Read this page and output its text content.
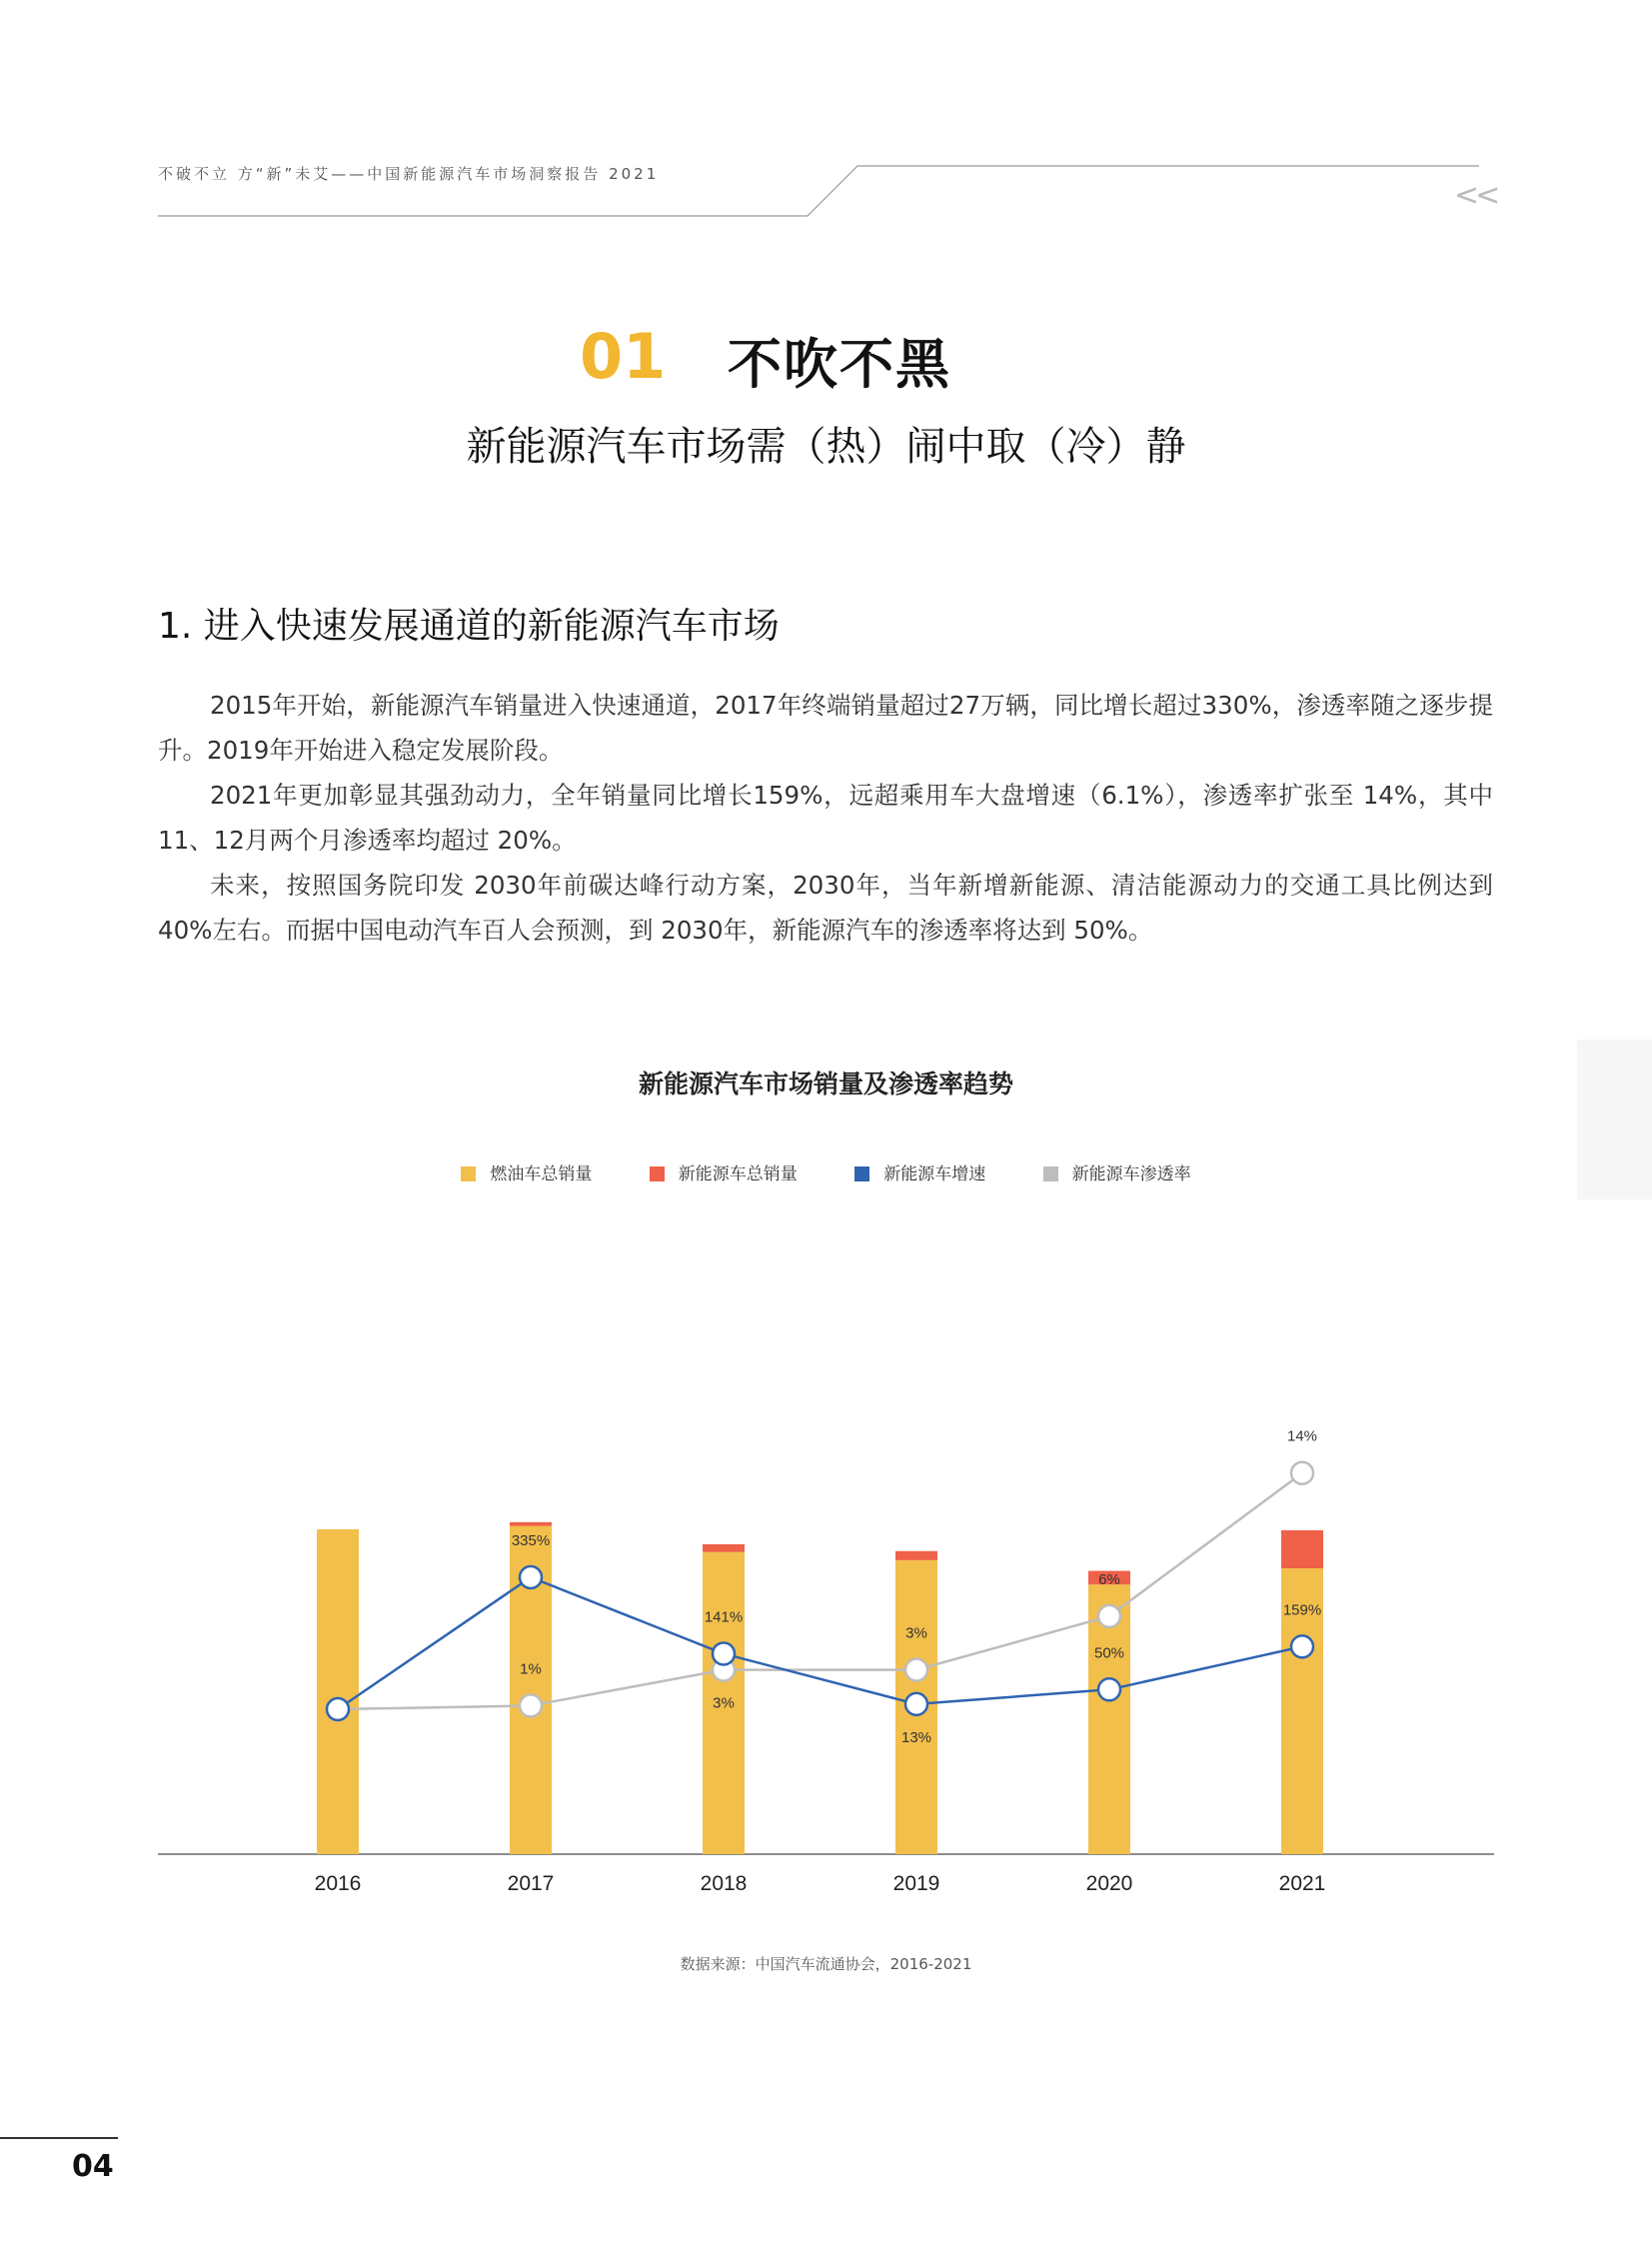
不破不立 方“新”未艾——中国新能源汽车市场洞察报告 2021
<<
01 不吹不黑
新能源汽车市场需（热）闹中取（冷）静
1. 进入快速发展通道的新能源汽车市场

2015年开始，新能源汽车销量进入快速通道，2017年终端销量超过27万辆，同比增长超过330%，渗透率随之逐步提升。2019年开始进入稳定发展阶段。

2021年更加彰显其强劲动力，全年销量同比增长159%，远超乘用车大盘增速（6.1%），渗透率扩张至 14%，其中 11、12月两个月渗透率均超过 20%。

未来，按照国务院印发 2030年前碳达峰行动方案，2030年，当年新增新能源、清洁能源动力的交通工具比例达到 40%左右。而据中国电动汽车百人会预测，到 2030年，新能源汽车的渗透率将达到 50%。

新能源汽车市场销量及渗透率趋势
燃油车总销量	新能源车总销量	新能源车增速	新能源车渗透率
2016	2017	2018	2019	2020	2021
335%
141%
13%
50%
159%
1%
3%
3%
6%
14%
数据来源：中国汽车流通协会，2016-2021
04
